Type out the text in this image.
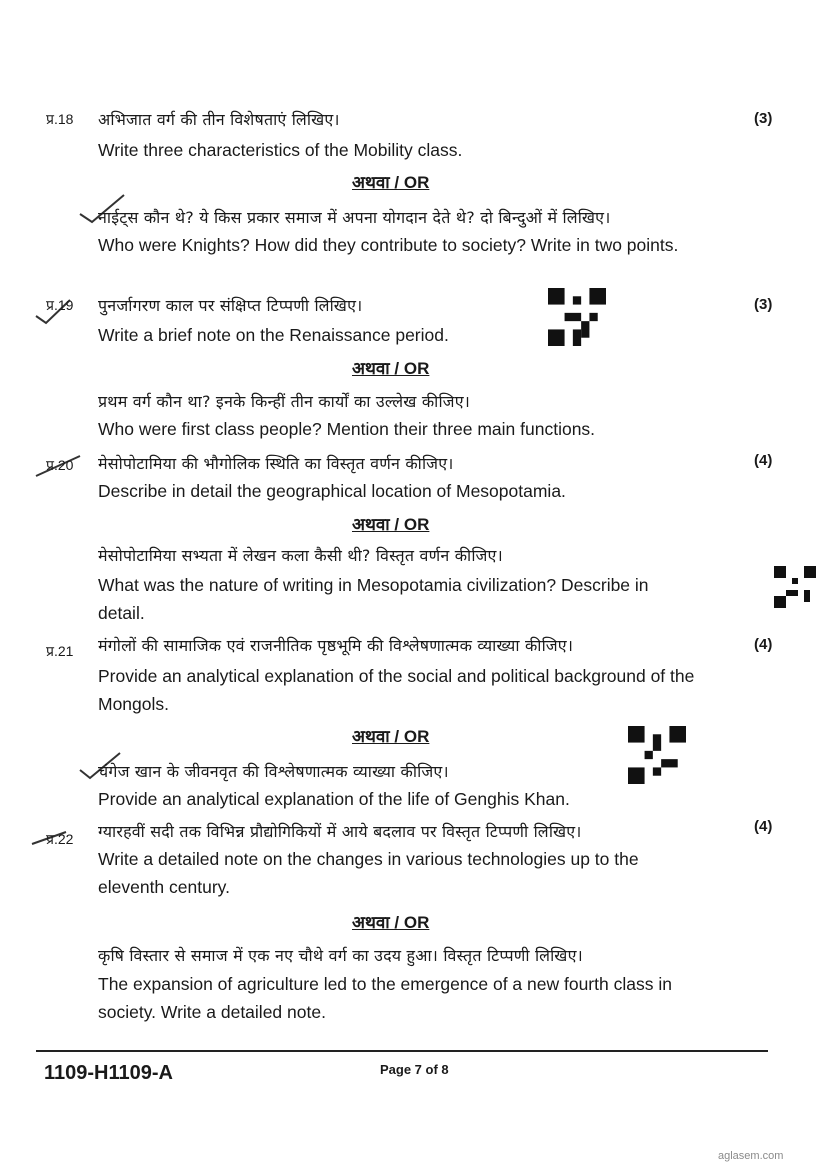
प्र.18 अभिजात वर्ग की तीन विशेषताएं लिखिए।	(3)
Write three characteristics of the Mobility class.
अथवा / OR
नाईट्स कौन थे? ये किस प्रकार समाज में अपना योगदान देते थे? दो बिन्दुओं में लिखिए।
Who were Knights? How did they contribute to society? Write in two points.
प्र.19 पुनर्जागरण काल पर संक्षिप्त टिप्पणी लिखिए।	(3)
Write a brief note on the Renaissance period.
अथवा / OR
प्रथम वर्ग कौन था? इनके किन्हीं तीन कार्यों का उल्लेख कीजिए।
Who were first class people? Mention their three main functions.
प्र.20 मेसोपोटामिया की भौगोलिक स्थिति का विस्तृत वर्णन कीजिए।	(4)
Describe in detail the geographical location of Mesopotamia.
अथवा / OR
मेसोपोटामिया सभ्यता में लेखन कला कैसी थी? विस्तृत वर्णन कीजिए।
What was the nature of writing in Mesopotamia civilization? Describe in detail.
प्र.21 मंगोलों की सामाजिक एवं राजनीतिक पृष्ठभूमि की विश्लेषणात्मक व्याख्या कीजिए।	(4)
Provide an analytical explanation of the social and political background of the Mongols.
अथवा / OR
चंगेज खान के जीवनवृत की विश्लेषणात्मक व्याख्या कीजिए।
Provide an analytical explanation of the life of Genghis Khan.
प्र.22 ग्यारहवीं सदी तक विभिन्न प्रौद्योगिकियों में आये बदलाव पर विस्तृत टिप्पणी लिखिए।	(4)
Write a detailed note on the changes in various technologies up to the eleventh century.
अथवा / OR
कृषि विस्तार से समाज में एक नए चौथे वर्ग का उदय हुआ। विस्तृत टिप्पणी लिखिए।
The expansion of agriculture led to the emergence of a new fourth class in society. Write a detailed note.
1109-H1109-A	Page 7 of 8
aglasem.com
